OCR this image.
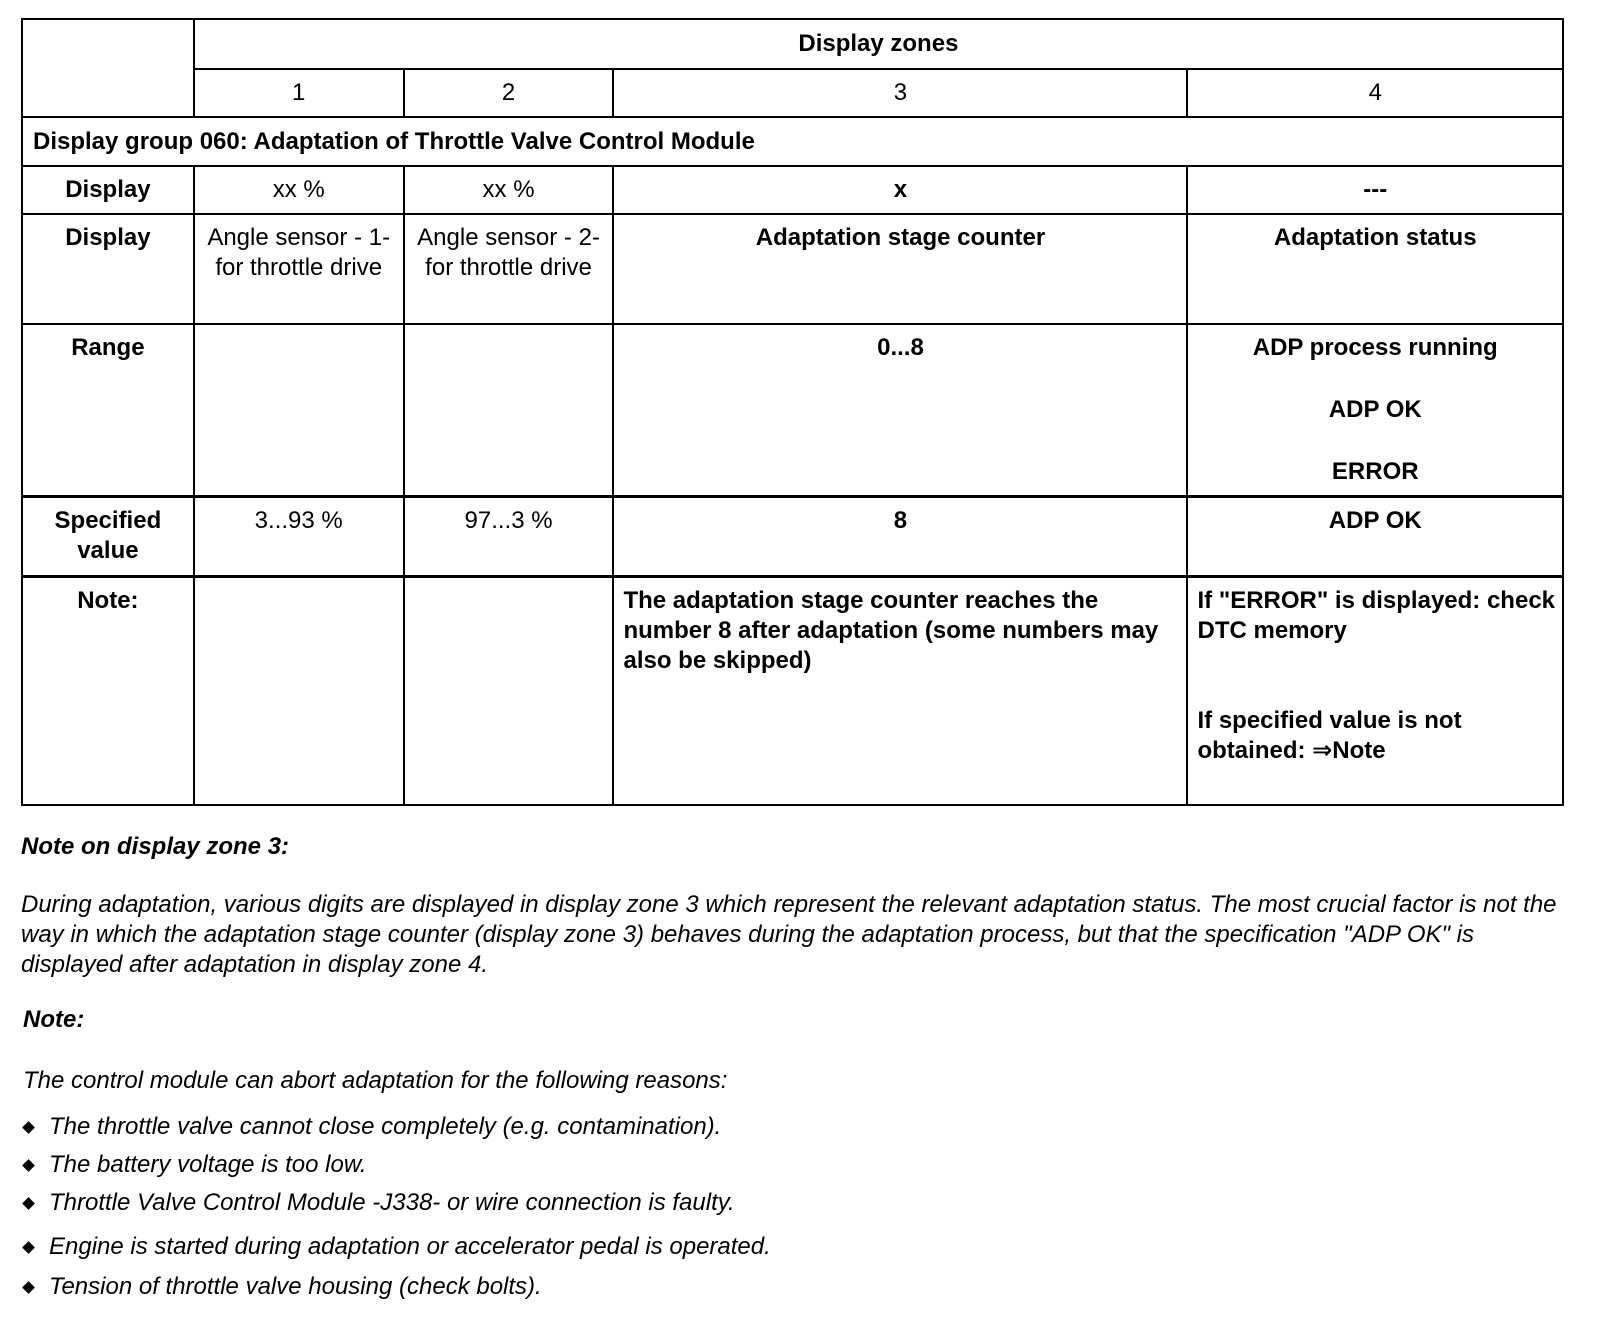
	Display zones			
	1	2	3	4
Display group 060: Adaptation of Throttle Valve Control Module				
Display	xx %	xx %	x	---
Display	Angle sensor - 1- for throttle drive	Angle sensor - 2- for throttle drive	Adaptation stage counter	Adaptation status
Range			0...8	ADP process running
ADP OK
ERROR

Specified value	3...93 %	97...3 %	8	ADP OK
Note:			The adaptation stage counter reaches the number 8 after adaptation (some numbers may also be skipped)	If "ERROR" is displayed: check DTC memory
If specified value is not obtained: ⇒Note
Note on display zone 3:
During adaptation, various digits are displayed in display zone 3 which represent the relevant adaptation status. The most crucial factor is not the way in which the adaptation stage counter (display zone 3) behaves during the adaptation process, but that the specification "ADP OK" is displayed after adaptation in display zone 4.
Note:
The control module can abort adaptation for the following reasons:
The throttle valve cannot close completely (e.g. contamination).
The battery voltage is too low.
Throttle Valve Control Module -J338- or wire connection is faulty.
Engine is started during adaptation or accelerator pedal is operated.
Tension of throttle valve housing (check bolts).
